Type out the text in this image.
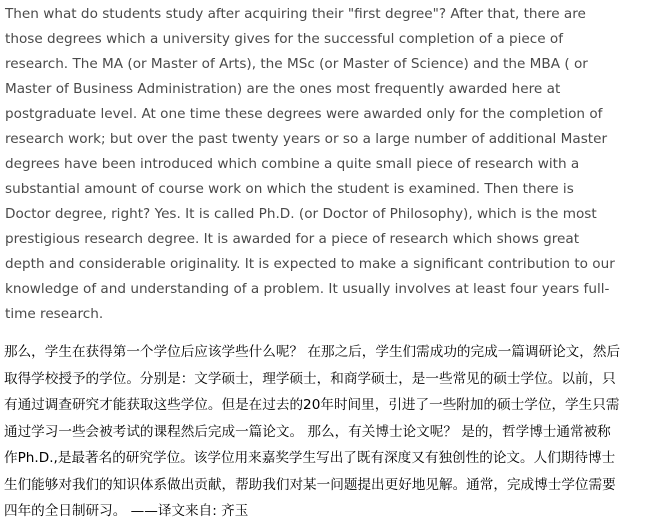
Then what do students study after acquiring their "first degree"? After that, there are
those degrees which a university gives for the successful completion of a piece of
research. The MA (or Master of Arts), the MSc (or Master of Science) and the MBA ( or
Master of Business Administration) are the ones most frequently awarded here at
postgraduate level. At one time these degrees were awarded only for the completion of
research work; but over the past twenty years or so a large number of additional Master
degrees have been introduced which combine a quite small piece of research with a
substantial amount of course work on which the student is examined. Then there is
Doctor degree, right? Yes. It is called Ph.D. (or Doctor of Philosophy), which is the most
prestigious research degree. It is awarded for a piece of research which shows great
depth and considerable originality. It is expected to make a significant contribution to our
knowledge of and understanding of a problem. It usually involves at least four years full-
time research.
那么，学生在获得第一个学位后应该学些什么呢？ 在那之后，学生们需成功的完成一篇调研论文，然后
取得学校授予的学位。分别是：文学硕士，理学硕士，和商学硕士，是一些常见的硕士学位。以前，只
有通过调查研究才能获取这些学位。但是在过去的20年时间里，引进了一些附加的硕士学位，学生只需
通过学习一些会被考试的课程然后完成一篇论文。 那么，有关博士论文呢？ 是的，哲学博士通常被称
作Ph.D.,是最著名的研究学位。该学位用来嘉奖学生写出了既有深度又有独创性的论文。人们期待博士
生们能够对我们的知识体系做出贡献，帮助我们对某一问题提出更好地见解。通常，完成博士学位需要
四年的全日制研习。 ——译文来自: 齐玉
